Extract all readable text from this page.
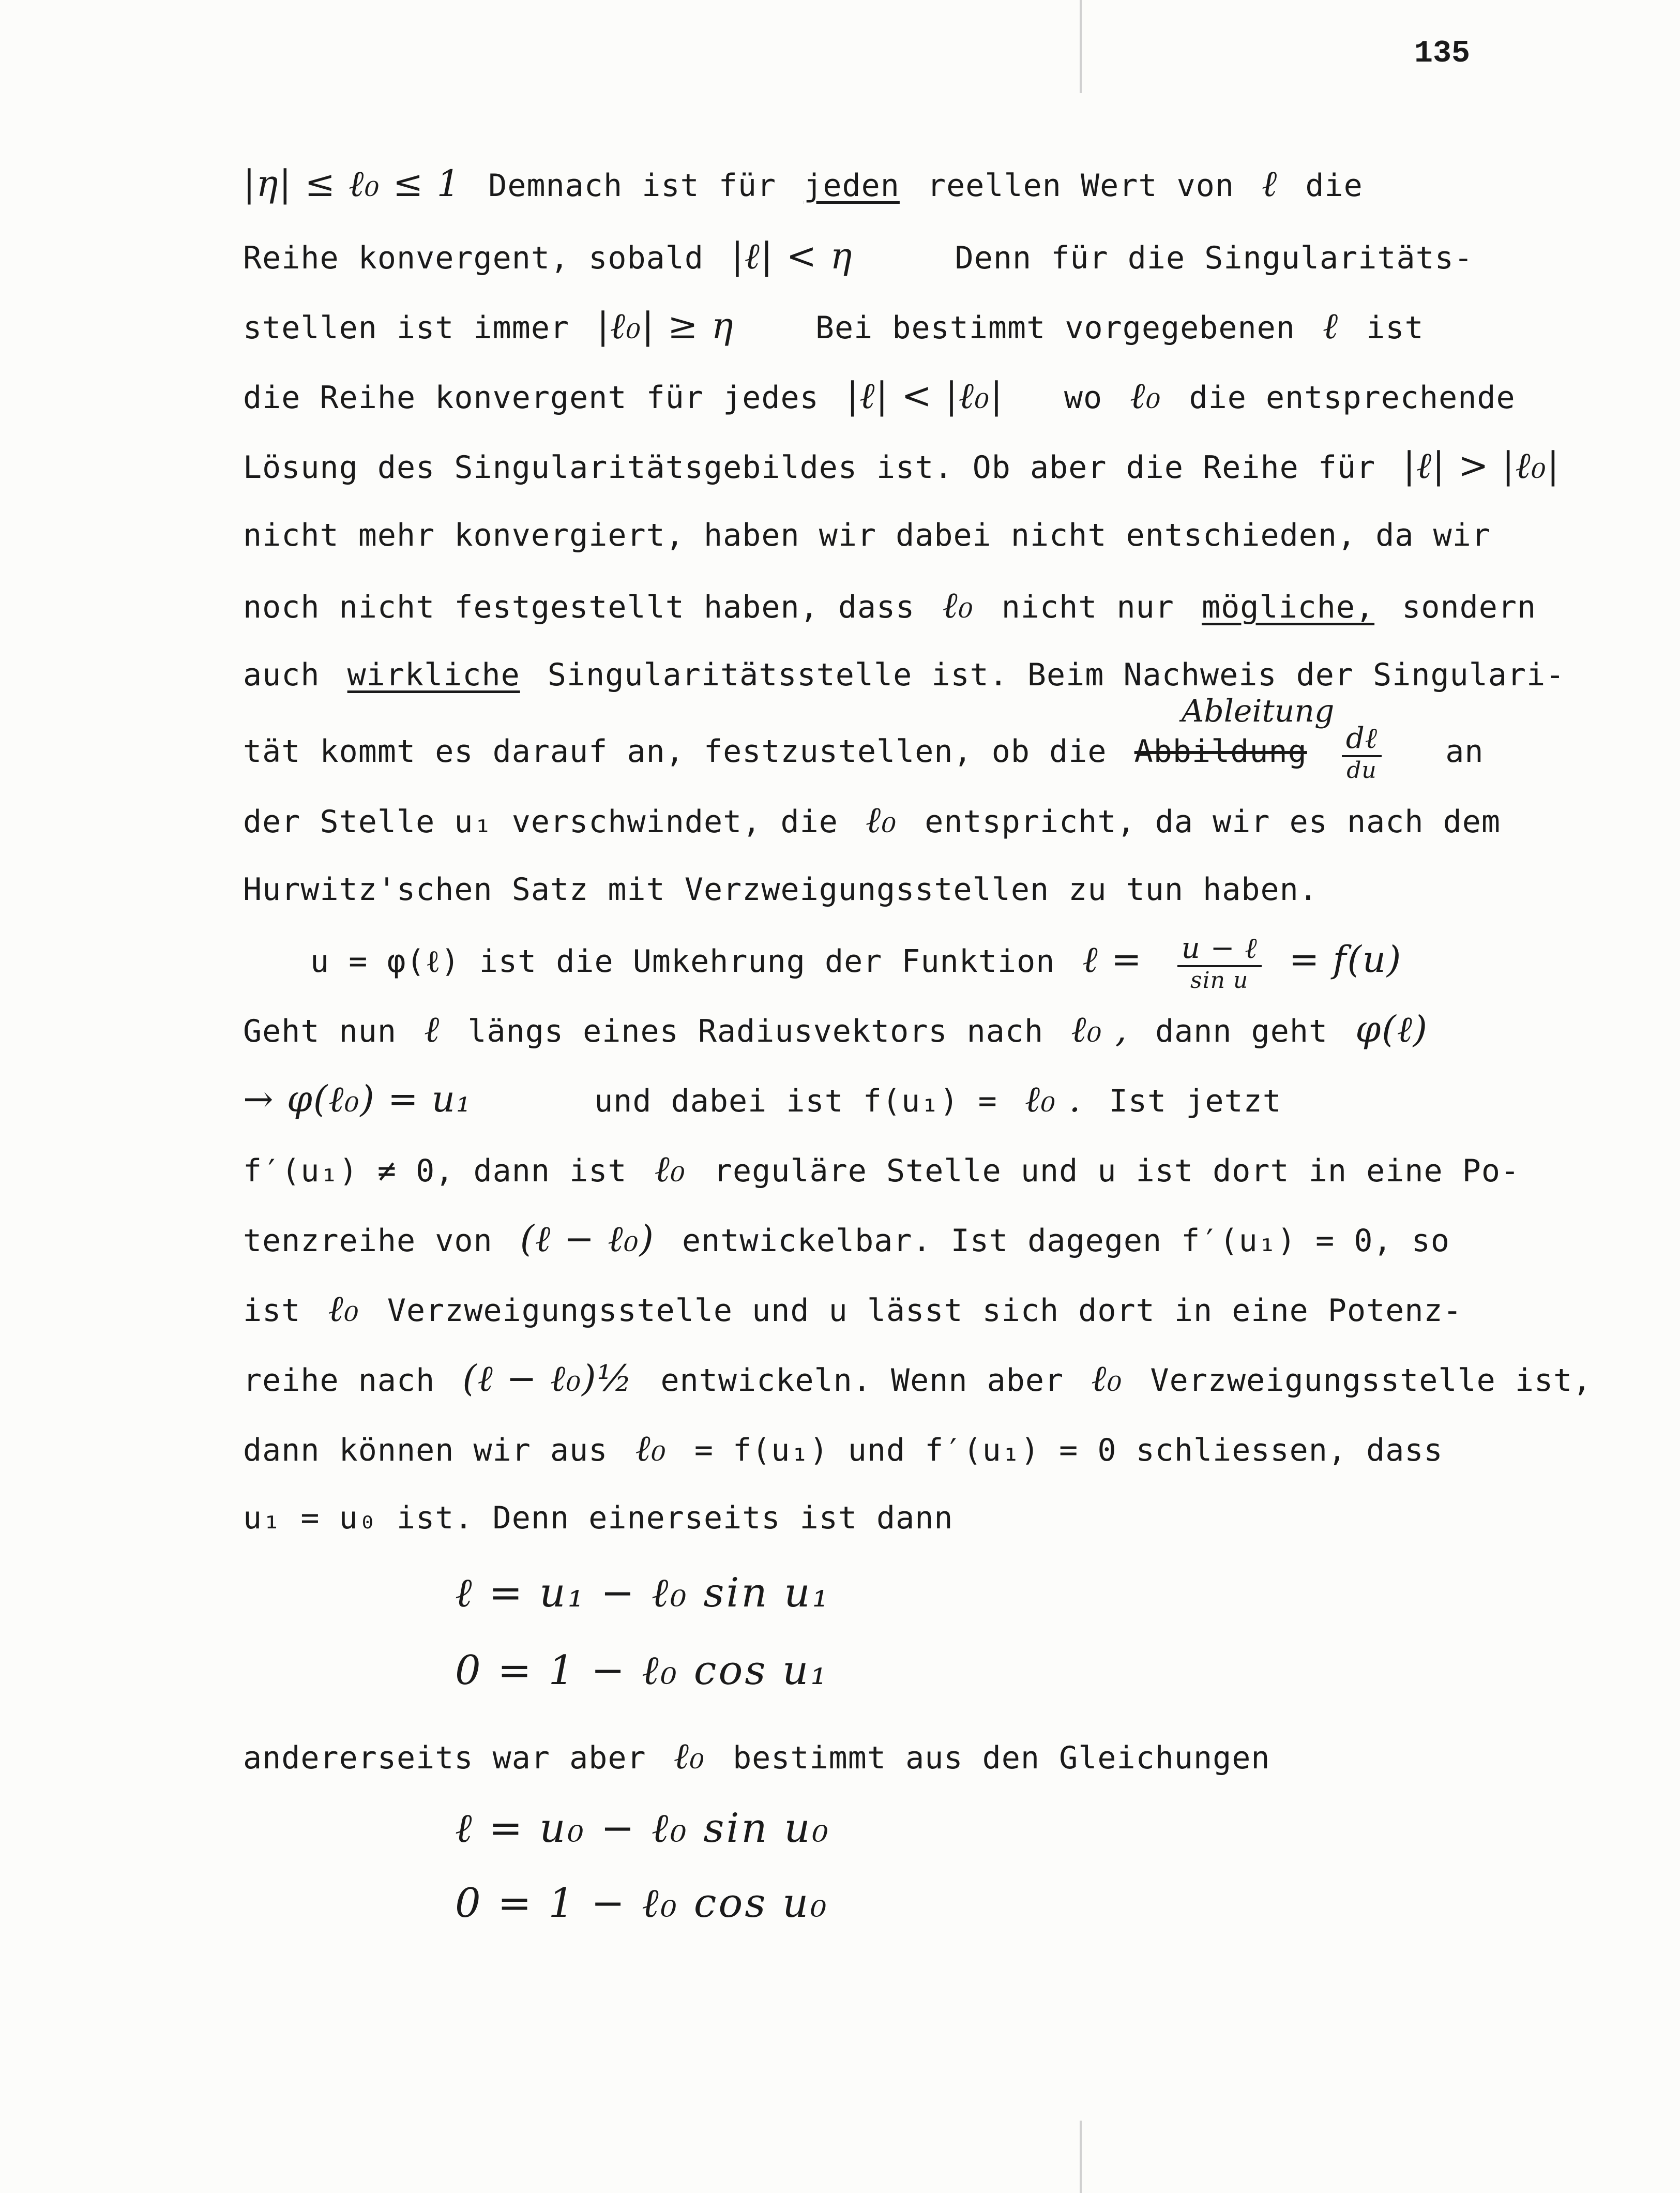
135
|η| ≤ ℓ₀ ≤ 1 Demnach ist für jeden reellen Wert von ℓ die
Reihe konvergent, sobald |ℓ| < η	Denn für die Singularitäts-
stellen ist immer |ℓ₀| ≥ η	Bei bestimmt vorgegebenen ℓ ist
die Reihe konvergent für jedes |ℓ| < |ℓ₀| wo ℓ₀ die entsprechende
Lösung des Singularitätsgebildes ist. Ob aber die Reihe für |ℓ| > |ℓ₀|
nicht mehr konvergiert, haben wir dabei nicht entschieden, da wir
noch nicht festgestellt haben, dass ℓ₀ nicht nur mögliche, sondern
auch wirkliche Singularitätsstelle ist. Beim Nachweis der Singulari-
Ableitung
tät kommt es darauf an, festzustellen, ob die Abbildung $\frac{\text{dℓ}}{du}$ an
der Stelle u₁ verschwindet, die ℓ₀ entspricht, da wir es nach dem
Hurwitz'schen Satz mit Verzweigungsstellen zu tun haben.
u = φ(ℓ) ist die Umkehrung der Funktion ℓ = $\frac{\text{u − ℓ}}{\text{sin u}} = f(u)$
Geht nun ℓ längs eines Radiusvektors nach ℓ₀ , dann geht φ(ℓ)
→ φ(ℓ₀) = u₁	und dabei ist f(u₁) = ℓ₀ . Ist jetzt
f′(u₁) ≠ 0, dann ist ℓ₀ reguläre Stelle und u ist dort in eine Po-
tenzreihe von (ℓ − ℓ₀) entwickelbar. Ist dagegen f′(u₁) = 0, so
ist ℓ₀ Verzweigungsstelle und u lässt sich dort in eine Potenz-
reihe nach (ℓ − ℓ₀)½ entwickeln. Wenn aber ℓ₀ Verzweigungsstelle ist,
dann können wir aus ℓ₀ = f(u₁) und f′(u₁) = 0 schliessen, dass
u₁ = u₀ ist. Denn einerseits ist dann
ℓ = u₁ − ℓ₀ sin u₁
0 = 1 − ℓ₀ cos u₁
andererseits war aber ℓ₀ bestimmt aus den Gleichungen
ℓ = u₀ − ℓ₀ sin u₀
0 = 1 − ℓ₀ cos u₀
